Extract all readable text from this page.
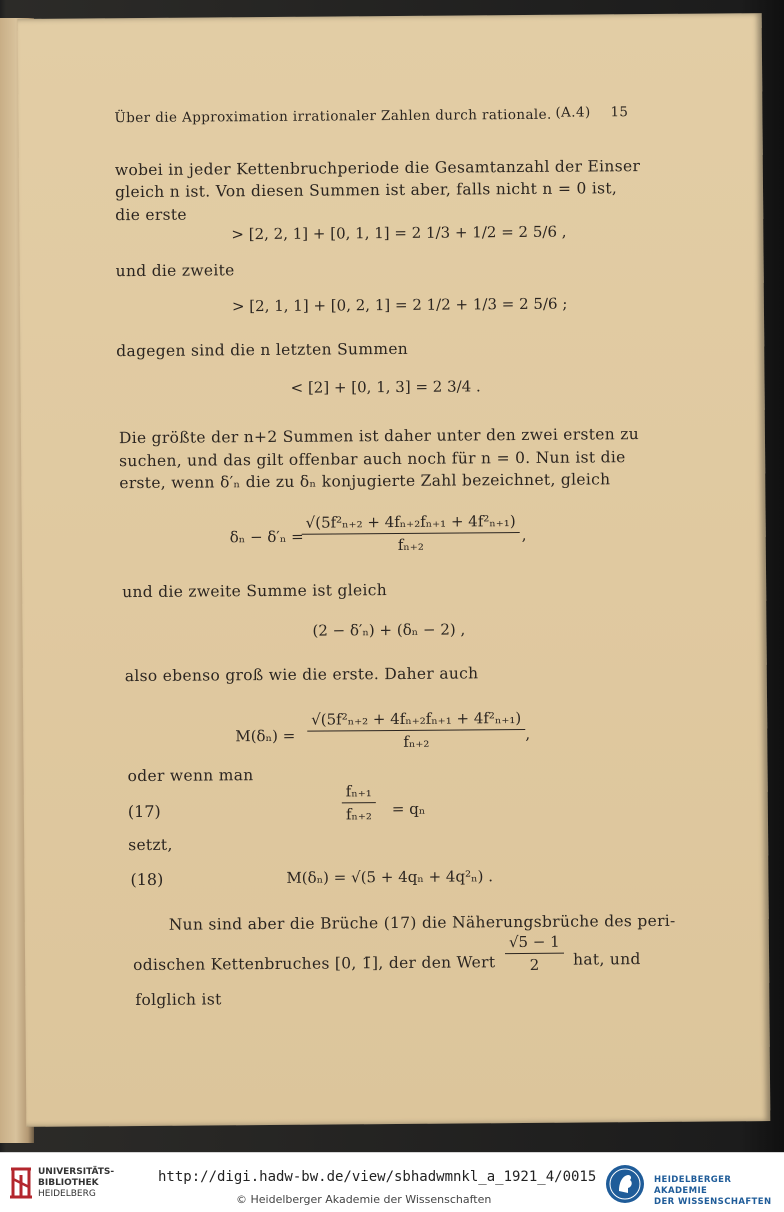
Über die Approximation irrationaler Zahlen durch rationale. (A.4) 15
wobei in jeder Kettenbruchperiode die Gesamtanzahl der Einser
gleich n ist. Von diesen Summen ist aber, falls nicht n = 0 ist,
die erste
> [2, 2, 1] + [0, 1, 1] = 2 1/3 + 1/2 = 2 5/6 ,
und die zweite
> [2, 1, 1] + [0, 2, 1] = 2 1/2 + 1/3 = 2 5/6 ;
dagegen sind die n letzten Summen
< [2] + [0, 1, 3] = 2 3/4 .
Die größte der n+2 Summen ist daher unter den zwei ersten zu
suchen, und das gilt offenbar auch noch für n = 0. Nun ist die
erste, wenn δ′ₙ die zu δₙ konjugierte Zahl bezeichnet, gleich
δₙ − δ′ₙ =
$\frac{\text{√(5f²ₙ₊₂ + 4fₙ₊₂fₙ₊₁ + 4f²ₙ₊₁)}}{\text{fₙ₊₂}}$ ,
und die zweite Summe ist gleich
(2 − δ′ₙ) + (δₙ − 2) ,
also ebenso groß wie die erste. Daher auch
$M(\delta_n) = \frac{\text{√(5f²ₙ₊₂ + 4fₙ₊₂fₙ₊₁ + 4f²ₙ₊₁)}}{\text{fₙ₊₂}}$ ,
oder wenn man
(17)	$\frac{\text{fₙ₊₁}}{\text{fₙ₊₂}} = q_n$
setzt,
(18)	M(δₙ) = √(5 + 4qₙ + 4q²ₙ) .
Nun sind aber die Brüche (17) die Näherungsbrüche des peri-
odischen Kettenbruches [0, 1̄], der den Wert $\frac{√5 - 1}{2}$ hat, und
folglich ist
UNIVERSITÄTS-
BIBLIOTHEK
HEIDELBERG
http://digi.hadw-bw.de/view/sbhadwmnkl_a_1921_4/0015
© Heidelberger Akademie der Wissenschaften
HEIDELBERGER AKADEMIE
DER WISSENSCHAFTEN
